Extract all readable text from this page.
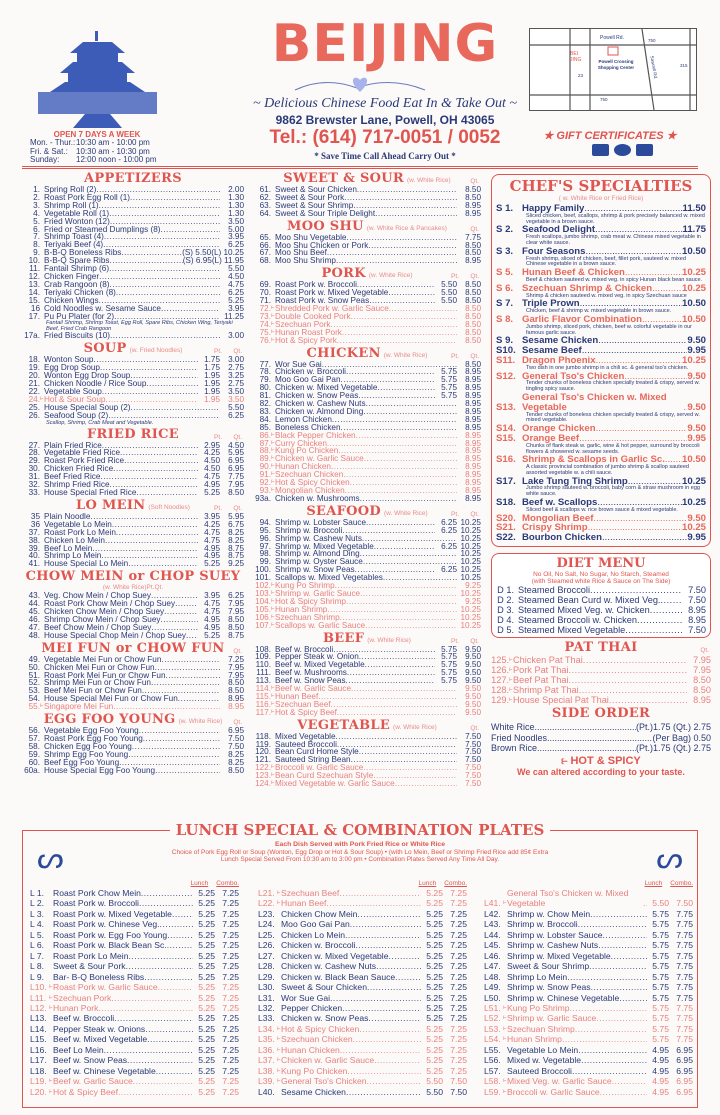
BEIJING
~ Delicious Chinese Food Eat In & Take Out ~
9862 Brewster Lane, Powell, OH 43065
Tel.: (614) 717-0051 / 0052
* Save Time Call Ahead Carry Out *
OPEN 7 DAYS A WEEK
Mon. - Thur.:10:30 am - 10:00 pm
Fri. & Sat.: 10:30 am - 10:30 pm
Sunday: 12:00 noon - 10:00 pm
Powell Rd.
BEI JING	Powell Crossing Shopping Center	Sawmill Rd.
750
315
23
750
★ GIFT CERTIFICATES ★
APPETIZERS
1. Spring Roll (2) .....	2.00
2. Roast Pork Egg Roll (1) .....	1.30
3. Shrimp Roll (1) .....	1.30
4. Vegetable Roll (1) .....	1.30
5. Fried Wonton (12) .....	3.50
6. Fried or Steamed Dumplings (8) .....	5.00
7. Shrimp Toast (4) .....	3.95
8. Teriyaki Beef (4) .....	6.25
9. B-B-Q Boneless Ribs .....	(S) 5.50 (L) 10.25
10. B-B-Q Spare Ribs .....	(S) 6.95 (L) 11.95
11. Fantail Shrimp (6) .....	5.50
12. Chicken Finger .....	4.50
13. Crab Rangoon (8) .....	4.75
14. Teriyaki Chicken (8) .....	6.25
15. Chicken Wings .....	5.25
16 Cold Noodles w. Sesame Sauce .....	3.95
17. Pu Pu Plater (for 2) .....	11.25
Fantail Shrimp, Shrimp Toast, Egg Roll, Spare Ribs, Chicken Wing, Teriyaki Beef, Fried Crab Rangoon
17a. Fried Biscuits (10) .....	3.00
SOUP (w. Fried Noodles)	Pt. Qt.
18. Wonton Soup .....	1.75 3.00
19. Egg Drop Soup .....	1.75 2.75
20. Wonton Egg Drop Soup .....	1.95 3.25
21. Chicken Noodle / Rice Soup .....	1.95 2.75
22. Vegetable Soup .....	1.95 3.50
24. ⥼ Hot & Sour Soup .....	1.95 3.50
25. House Special Soup (2) .....	5.50
26. Seafood Soup (2) .....	6.25
Scallop, Shrimp, Crab Meat and Vegetable.
FRIED RICE	Pt. Qt.
27. Plain Fried Rice .....	2.95 4.50
28. Vegetable Fried Rice .....	4.25 5.95
29. Roast Pork Fried Rice .....	4.50 6.95
30. Chicken Fried Rice .....	4.50 6.95
31. Beef Fried Rice .....	4.75 7.75
32. Shrimp Fried Rice .....	4.95 7.95
33. House Special Fried Rice .....	5.25 8.50
LO MEIN (Soft Noodles)	Pt. Qt.
35 Plain Noodle .....	3.95 5.95
36 Vegetable Lo Mein .....	4.25 6.75
37. Roast Pork Lo Mein .....	4.75 8.25
38. Chicken Lo Mein .....	4.75 8.25
39. Beef Lo Mein .....	4.95 8.75
40. Shrimp Lo Mein .....	4.95 8.75
41. House Special Lo Mein .....	5.25 9.25
CHOW MEIN or CHOP SUEY
(w. White Rice)Pt.Qt.
43. Veg. Chow Mein / Chop Suey .....	3.95 6.25
44. Roast Pork Chow Mein / Chop Suey .....	4.75 7.95
45. Chicken Chow Mein / Chop Suey .....	4.75 7.95
46. Shrimp Chow Mein / Chop Suey .....	4.95 8.50
47. Beef Chow Mein / Chop Suey .....	4.95 8.50
48. House Special Chop Mein / Chop Suey .....	5.25 8.75
MEI FUN or CHOW FUN Qt.
49. Vegetable Mei Fun or Chow Fun .....	7.25
50. Chicken Mei Fun or Chow Fun .....	7.95
51. Roast Pork Mei Fun or Chow Fun .....	7.95
52. Shrimp Mei Fun or Chow Fun .....	8.50
53. Beef Mei Fun or Chow Fun .....	8.50
54. House Special Mei Fun or Chow Fun .....	8.95
55. ⥼ Singapore Mei Fun .....	8.95
EGG FOO YOUNG (w. White Rice) Qt.
56. Vegetable Egg Foo Young .....	6.95
57. Roast Pork Egg Foo Young .....	7.50
58. Chicken Egg Foo Young .....	7.50
59. Shrimp Egg Foo Young .....	8.25
60. Beef Egg Foo Young .....	8.25
60a. House Special Egg Foo Young .....	8.50
SWEET & SOUR (w. White Rice)	Qt.
61. Sweet & Sour Chicken .....	8.50
62. Sweet & Sour Pork .....	8.50
63. Sweet & Sour Shrimp .....	8.95
64. Sweet & Sour Triple Delight .....	8.95
MOO SHU (w. White Rice & Pancakes)	Qt.
65. Moo Shu Vegetable .....	7.75
66. Moo Shu Chicken or Pork .....	8.50
67. Moo Shu Beef .....	8.50
68. Moo Shu Shrimp .....	8.95
PORK (w. White Rice)	Pt. Qt.
69. Roast Pork w. Broccoli .....	5.50 8.50
70. Roast Pork w. Mixed Vegetable .....	5.50 8.50
71. Roast Pork w. Snow Peas .....	5.50 8.50
72. ⥼ Shredded Pork w. Garlic Sauce .....	8.50
73. ⥼ Double Cooked Pork .....	8.50
74. ⥼ Szechuan Pork .....	8.50
75. ⥼ Hunan Roast Pork .....	8.50
76. ⥼ Hot & Spicy Pork .....	8.50
CHICKEN (w. White Rice)	Pt. Qt.
77. Wor Sue Gai .....	8.50
78. Chicken w. Broccoli .....	5.75 8.95
79. Moo Goo Gai Pan .....	5.75 8.95
80. Chicken w. Mixed Vegetable .....	5.75 8.95
81. Chicken w. Snow Peas .....	5.75 8.95
82. Chicken w. Cashew Nuts .....	8.95
83. Chicken w. Almond Ding .....	8.95
84. Lemon Chicken .....	8.95
85. Boneless Chicken .....	8.95
86. ⥼ Black Pepper Chicken .....	8.95
87. ⥼ Curry Chicken .....	8.95
88. ⥼ Kung Po Chicken .....	8.95
89. ⥼ Chicken w. Garlic Sauce .....	8.95
90. ⥼ Hunan Chicken .....	8.95
91. ⥼ Szechuan Chicken .....	8.95
92. ⥼ Hot & Spicy Chicken .....	8.95
93. ⥼ Mongolian Chicken .....	8.95
93a. Chicken w. Mushrooms .....	8.95
SEAFOOD (w. White Rice)	Pt. Qt.
94. Shrimp w. Lobster Sauce .....	6.25 10.25
95. Shrimp w. Broccoli .....	6.25 10.25
96. Shrimp w. Cashew Nuts .....	10.25
97. Shrimp w. Mixed Vegetable .....	6.25 10.25
98. Shrimp w. Almond Ding .....	10.25
99. Shrimp w. Oyster Sauce .....	10.25
100. Shrimp w. Snow Peas .....	6.25 10.25
101. Scallops w. Mixed Vegetables .....	10.25
102. ⥼ Kung Po Shrimp .....	9.25
103. ⥼ Shrimp w. Garlic Sauce .....	10.25
104. ⥼ Hot & Spicy Shrimp .....	9.25
105. ⥼ Hunan Shrimp .....	10.25
106. ⥼ Szechuan Shrimp .....	10.25
107. ⥼ Scallops w. Garlic Sauce .....	10.25
BEEF (w. White Rice)	Pt. Qt.
108. Beef w. Broccoli .....	5.75 9.50
109. Pepper Steak w. Onion .....	5.75 9.50
110. Beef w. Mixed Vegetable .....	5.75 9.50
111. Beef w. Mushrooms .....	5.75 9.50
113. Beef w. Snow Peas .....	5.75 9.50
114. ⥼ Beef w. Garlic Sauce .....	9.50
115. ⥼ Hunan Beef .....	9.50
116. ⥼ Szechuan Beef .....	9.50
117. ⥼ Hot & Spicy Beef .....	9.50
VEGETABLE (w. White Rice)	Qt.
118. Mixed Vegetable .....	7.50
119. Sauteed Broccoli .....	7.50
120. Bean Curd Home Style .....	7.50
121. Sauteed String Bean .....	7.50
122. ⥼ Broccoli w. Garlic Sauce .....	7.50
123. ⥼ Bean Curd Szechuan Style .....	7.50
124. ⥼ Mixed Vegetable w. Garlic Sauce .....	7.50
CHEF'S SPECIALTIES
( w. White Rice or Fried Rice)
S 1. Happy Family .....	11.50
Sliced chicken, beef, scallops, shrimp & pork precisely balanced w. mixed vegetable in a brown sauce.
S 2. Seafood Delight .....	11.75
Fresh scallops, jumbo shrimp, crab meat w. Chinese mixed vegetable in clear white sauce.
S 3. Four Seasons .....	10.50
Fresh shrimp, sliced of chicken, beef, fillet pork, sauteed w. mixed Chinese vegetable in a brown sauce.
S 5. Hunan Beef & Chicken .....	10.25
Beef & chicken sauteed w. mixed veg. in spicy Hunan black bean sauce.
S 6. Szechuan Shrimp & Chicken .....	10.25
Shrimp & chicken sauteed w. mixed veg. in spicy Szechuan sauce
S 7. Triple Prown .....	10.50
Chicken, beef & shrimp w. mixed vegetable in brown sauce.
S 8. Garlic Flavor Combination .....	10.50
Jumbo shrimp, sliced pork, chicken, beef w. colorful vegetable in our famous garlic sauce.
S 9. Sesame Chicken .....	9.50
S10. Sesame Beef .....	9.95
S11. Dragon Phoenix .....	10.25
Two dish in one jumbo shrimp in a chili sc. & general tso's chicken.
S12. General Tso's Chicken .....	9.50
Tender chunks of boneless chicken specially treated & crispy, served w. tingling spicy sauce.
S13.
General Tso's Chicken w. Mixed Vegetable .....	9.50
Tender chunks of boneless chicken specially treated & crispy, served w. mixed vegetable.
S14. Orange Chicken .....	9.50
S15. Orange Beef .....	9.95
Chunks of flank steak w. garlic, wine & hot pepper, surround by broccoli flowers & showered w. sesame seeds.
S16. Shrimp & Scallops in Garlic Sc. ..... 10.50
A classic provincial combination of jumbo shrimp & scallop sauteed assorted vegetable w. a chili sauce.
S17. Lake Tung Ting Shrimp .....	10.25
Jumbo shrimp sauteed w. broccoli, baby corn & straw mushroom in egg white sauce.
S18. Beef w. Scallops .....	10.25
Sliced beef & scallops w. rice brown sauce & mixed vegetable.
S20. Mongolian Beef .....	9.50
S21. Crispy Shrimp .....	10.25
S22. Bourbon Chicken .....	9.95
DIET MENU
No Oil, No Salt, No Sugar, No Starch, Steamed
(with Steamed white Rice & Sauce on The Side)
D 1. Steamed Broccoli .....	7.50
D 2. Steamed Bean Curd w. Mixed Veg. .....	7.50
D 3. Steamed Mixed Veg. w. Chicken .....	8.95
D 4. Steamed Broccoli w. Chicken .....	8.95
D 5. Steamed Mixed Vegetable .....	7.50
PAT THAI	Qt.
125. ⥼ Chicken Pat Thai .....	7.95
126. ⥼ Pork Pat Thai .....	7.95
127. ⥼ Beef Pat Thai .....	8.50
128. ⥼ Shrimp Pat Thai .....	8.50
129. ⥼ House Special Pat Thai .....	8.95
SIDE ORDER
White Rice .....	(Pt.)1.75 (Qt.) 2.75
Fried Noodles .....	(Per Bag) 0.50
Brown Rice .....	(Pt.)1.75 (Qt.) 2.75
⥼ HOT & SPICY
We can altered according to your taste.
LUNCH SPECIAL & COMBINATION PLATES
Each Dish Served with Pork Fried Rice or White Rice
Choice of Pork Egg Roll or Soup (Wonton, Egg Drop or Hot & Sour Soup) • (with Lo Mein, Beef or Shrimp Fried Rice add 85¢ Extra
Lunch Special Served From 10:30 am to 3:00 pm • Combination Plates Served Any Time All Day.
ᔕ	ᔕ
Lunch Combo.
L 1.	Roast Pork Chow Mein .....	5.25 7.25
L 2.	Roast Pork w. Broccoli .....	5.25 7.25
L 3.	Roast Pork w. Mixed Vegetable .....	5.25 7.25
L 4.	Roast Pork w. Chinese Veg. .....	5.25 7.25
L 5.	Roast Pork w. Egg Foo Young .....	5.25 7.25
L 6.	Roast Pork w. Black Bean Sc. .....	5.25 7.25
L 7.	Roast Pork Lo Mein .....	5.25 7.25
L 8.	Sweet & Sour Pork .....	5.25 7.25
L 9.	Bar- B-Q Boneless Ribs .....	5.25 7.25
L10. ⥼ Roast Pork w. Garlic Sauce .....	5.25 7.25
L11. ⥼ Szechuan Pork .....	5.25 7.25
L12. ⥼ Hunan Pork .....	5.25 7.25
L13. Beef w. Broccoli .....	5.25 7.25
L14. Pepper Steak w. Onions .....	5.25 7.25
L15. Beef w. Mixed Vegetable .....	5.25 7.25
L16. Beef Lo Mein .....	5.25 7.25
L17. Beef w. Snow Peas .....	5.25 7.25
L18. Beef w. Chinese Vegetable .....	5.25 7.25
L19. ⥼ Beef w. Garlic Sauce .....	5.25 7.25
L20. ⥼ Hot & Spicy Beef .....	5.25 7.25
Lunch Combo.
L21. ⥼ Szechuan Beef .....	5.25 7.25
L22. ⥼ Hunan Beef .....	5.25 7.25
L23. Chicken Chow Mein .....	5.25 7.25
L24. Moo Goo Gai Pan .....	5.25 7.25
L25. Chicken Lo Mein .....	5.25 7.25
L26. Chicken w. Broccoli .....	5.25 7.25
L27. Chicken w. Mixed Vegetable .....	5.25 7.25
L28. Chicken w. Cashew Nuts .....	5.25 7.25
L29. Chicken w. Black Bean Sauce .....	5.25 7.25
L30. Sweet & Sour Chicken .....	5.25 7.25
L31. Wor Sue Gai .....	5.25 7.25
L32. Pepper Chicken .....	5.25 7.25
L33. Chicken w. Snow Peas .....	5.25 7.25
L34. ⥼ Hot & Spicy Chicken .....	5.25 7.25
L35. ⥼ Szechuan Chicken .....	5.25 7.25
L36. ⥼ Hunan Chicken .....	5.25 7.25
L37. ⥼ Chicken w. Garlic Sauce .....	5.25 7.25
L38. ⥼ Kung Po Chicken .....	5.25 7.25
L39. ⥼ General Tso's Chicken .....	5.50 7.50
L40. Sesame Chicken .....	5.50 7.50
Lunch Combo.
L41. ⥼
General Tso's Chicken w. Mixed Vegetable .....	5.50 7.50
L42. Shrimp w. Chow Mein .....	5.75 7.75
L43. Shrimp w. Broccoli .....	5.75 7.75
L44. Shrimp w. Lobster Sauce .....	5.75 7.75
L45. Shrimp w. Cashew Nuts .....	5.75 7.75
L46. Shrimp w. Mixed Vegetable .....	5.75 7.75
L47. Sweet & Sour Shrimp .....	5.75 7.75
L48. Shrimp Lo Mein .....	5.75 7.75
L49. Shrimp w. Snow Peas .....	5.75 7.75
L50. Shrimp w. Chinese Vegetable .....	5.75 7.75
L51. ⥼ Kung Po Shrimp .....	5.75 7.75
L52. ⥼ Shrimp w. Garlic Sauce .....	5.75 7.75
L53. ⥼ Szechuan Shrimp .....	5.75 7.75
L54. ⥼ Hunan Shrimp .....	5.75 7.75
L55. Vegetable Lo Mein .....	4.95 6.95
L56. Mixed w. Vegetable .....	4.95 6.95
L57. Sauteed Broccoli .....	4.95 6.95
L58. ⥼ Mixed Veg. w. Garlic Sauce .....	4.95 6.95
L59. ⥼ Broccoli w. Garlic Sauce .....	4.95 6.95
